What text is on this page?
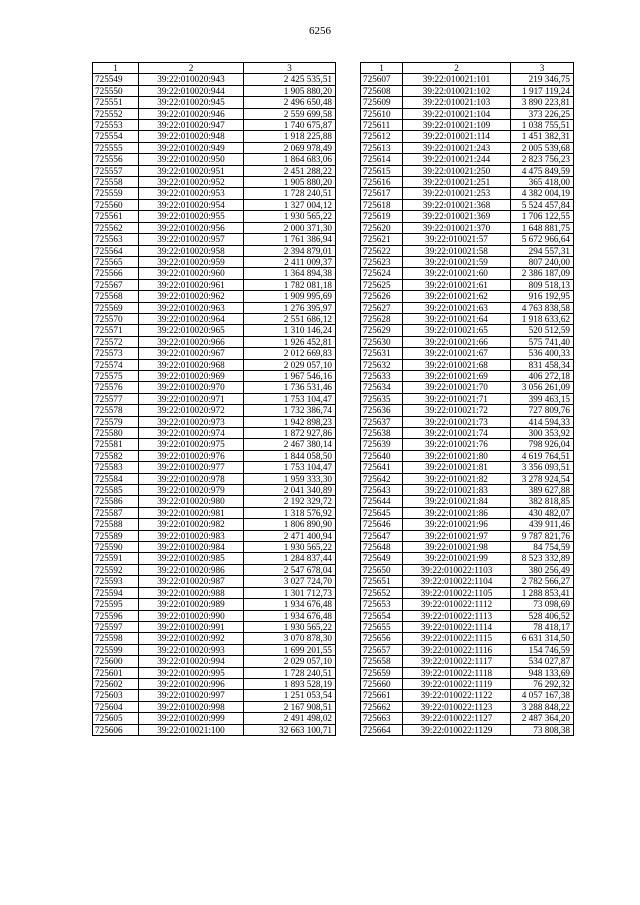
6256
1	2	3
725549	39:22:010020:943	2 425 535,51
725550	39:22:010020:944	1 905 880,20
725551	39:22:010020:945	2 496 650,48
725552	39:22:010020:946	2 559 699,58
725553	39:22:010020:947	1 740 675,87
725554	39:22:010020:948	1 918 225,88
725555	39:22:010020:949	2 069 978,49
725556	39:22:010020:950	1 864 683,06
725557	39:22:010020:951	2 451 288,22
725558	39:22:010020:952	1 905 880,20
725559	39:22:010020:953	1 728 240,51
725560	39:22:010020:954	1 327 004,12
725561	39:22:010020:955	1 930 565,22
725562	39:22:010020:956	2 000 371,30
725563	39:22:010020:957	1 761 386,94
725564	39:22:010020:958	2 394 879,01
725565	39:22:010020:959	2 411 009,37
725566	39:22:010020:960	1 364 894,38
725567	39:22:010020:961	1 782 081,18
725568	39:22:010020:962	1 909 995,69
725569	39:22:010020:963	1 276 395,97
725570	39:22:010020:964	2 551 686,12
725571	39:22:010020:965	1 310 146,24
725572	39:22:010020:966	1 926 452,81
725573	39:22:010020:967	2 012 669,83
725574	39:22:010020:968	2 029 057,10
725575	39:22:010020:969	1 967 546,16
725576	39:22:010020:970	1 736 531,46
725577	39:22:010020:971	1 753 104,47
725578	39:22:010020:972	1 732 386,74
725579	39:22:010020:973	1 942 898,23
725580	39:22:010020:974	1 872 927,86
725581	39:22:010020:975	2 467 380,14
725582	39:22:010020:976	1 844 058,50
725583	39:22:010020:977	1 753 104,47
725584	39:22:010020:978	1 959 333,30
725585	39:22:010020:979	2 041 340,89
725586	39:22:010020:980	2 192 329,72
725587	39:22:010020:981	1 318 576,92
725588	39:22:010020:982	1 806 890,90
725589	39:22:010020:983	2 471 400,94
725590	39:22:010020:984	1 930 565,22
725591	39:22:010020:985	1 284 837,44
725592	39:22:010020:986	2 547 678,04
725593	39:22:010020:987	3 027 724,70
725594	39:22:010020:988	1 301 712,73
725595	39:22:010020:989	1 934 676,48
725596	39:22:010020:990	1 934 676,48
725597	39:22:010020:991	1 930 565,22
725598	39:22:010020:992	3 070 878,30
725599	39:22:010020:993	1 699 201,55
725600	39:22:010020:994	2 029 057,10
725601	39:22:010020:995	1 728 240,51
725602	39:22:010020:996	1 893 528,19
725603	39:22:010020:997	1 251 053,54
725604	39:22:010020:998	2 167 908,51
725605	39:22:010020:999	2 491 498,02
725606	39:22:010021:100	32 663 100,71
1	2	3
725607	39:22:010021:101	219 346,75
725608	39:22:010021:102	1 917 119,24
725609	39:22:010021:103	3 890 223,81
725610	39:22:010021:104	373 226,25
725611	39:22:010021:109	1 038 755,51
725612	39:22:010021:114	1 451 382,31
725613	39:22:010021:243	2 005 539,68
725614	39:22:010021:244	2 823 756,23
725615	39:22:010021:250	4 475 849,59
725616	39:22:010021:251	365 418,00
725617	39:22:010021:253	4 382 004,19
725618	39:22:010021:368	5 524 457,84
725619	39:22:010021:369	1 706 122,55
725620	39:22:010021:370	1 648 881,75
725621	39:22:010021:57	5 672 966,64
725622	39:22:010021:58	294 557,31
725623	39:22:010021:59	807 240,00
725624	39:22:010021:60	2 386 187,09
725625	39:22:010021:61	809 518,13
725626	39:22:010021:62	916 192,95
725627	39:22:010021:63	4 763 838,58
725628	39:22:010021:64	1 918 633,62
725629	39:22:010021:65	520 512,59
725630	39:22:010021:66	575 741,40
725631	39:22:010021:67	536 400,33
725632	39:22:010021:68	831 458,34
725633	39:22:010021:69	406 272,18
725634	39:22:010021:70	3 056 261,09
725635	39:22:010021:71	399 463,15
725636	39:22:010021:72	727 809,76
725637	39:22:010021:73	414 594,33
725638	39:22:010021:74	300 353,92
725639	39:22:010021:76	798 926,04
725640	39:22:010021:80	4 619 764,51
725641	39:22:010021:81	3 356 093,51
725642	39:22:010021:82	3 278 924,54
725643	39:22:010021:83	389 627,88
725644	39:22:010021:84	382 818,85
725645	39:22:010021:86	430 482,07
725646	39:22:010021:96	439 911,46
725647	39:22:010021:97	9 787 821,76
725648	39:22:010021:98	84 754,59
725649	39:22:010021:99	8 523 332,89
725650	39:22:010022:1103	380 256,49
725651	39:22:010022:1104	2 782 566,27
725652	39:22:010022:1105	1 288 853,41
725653	39:22:010022:1112	73 098,69
725654	39:22:010022:1113	528 406,52
725655	39:22:010022:1114	78 418,17
725656	39:22:010022:1115	6 631 314,50
725657	39:22:010022:1116	154 746,59
725658	39:22:010022:1117	534 027,87
725659	39:22:010022:1118	948 133,69
725660	39:22:010022:1119	76 292,32
725661	39:22:010022:1122	4 057 167,38
725662	39:22:010022:1123	3 288 848,22
725663	39:22:010022:1127	2 487 364,20
725664	39:22:010022:1129	73 808,38
